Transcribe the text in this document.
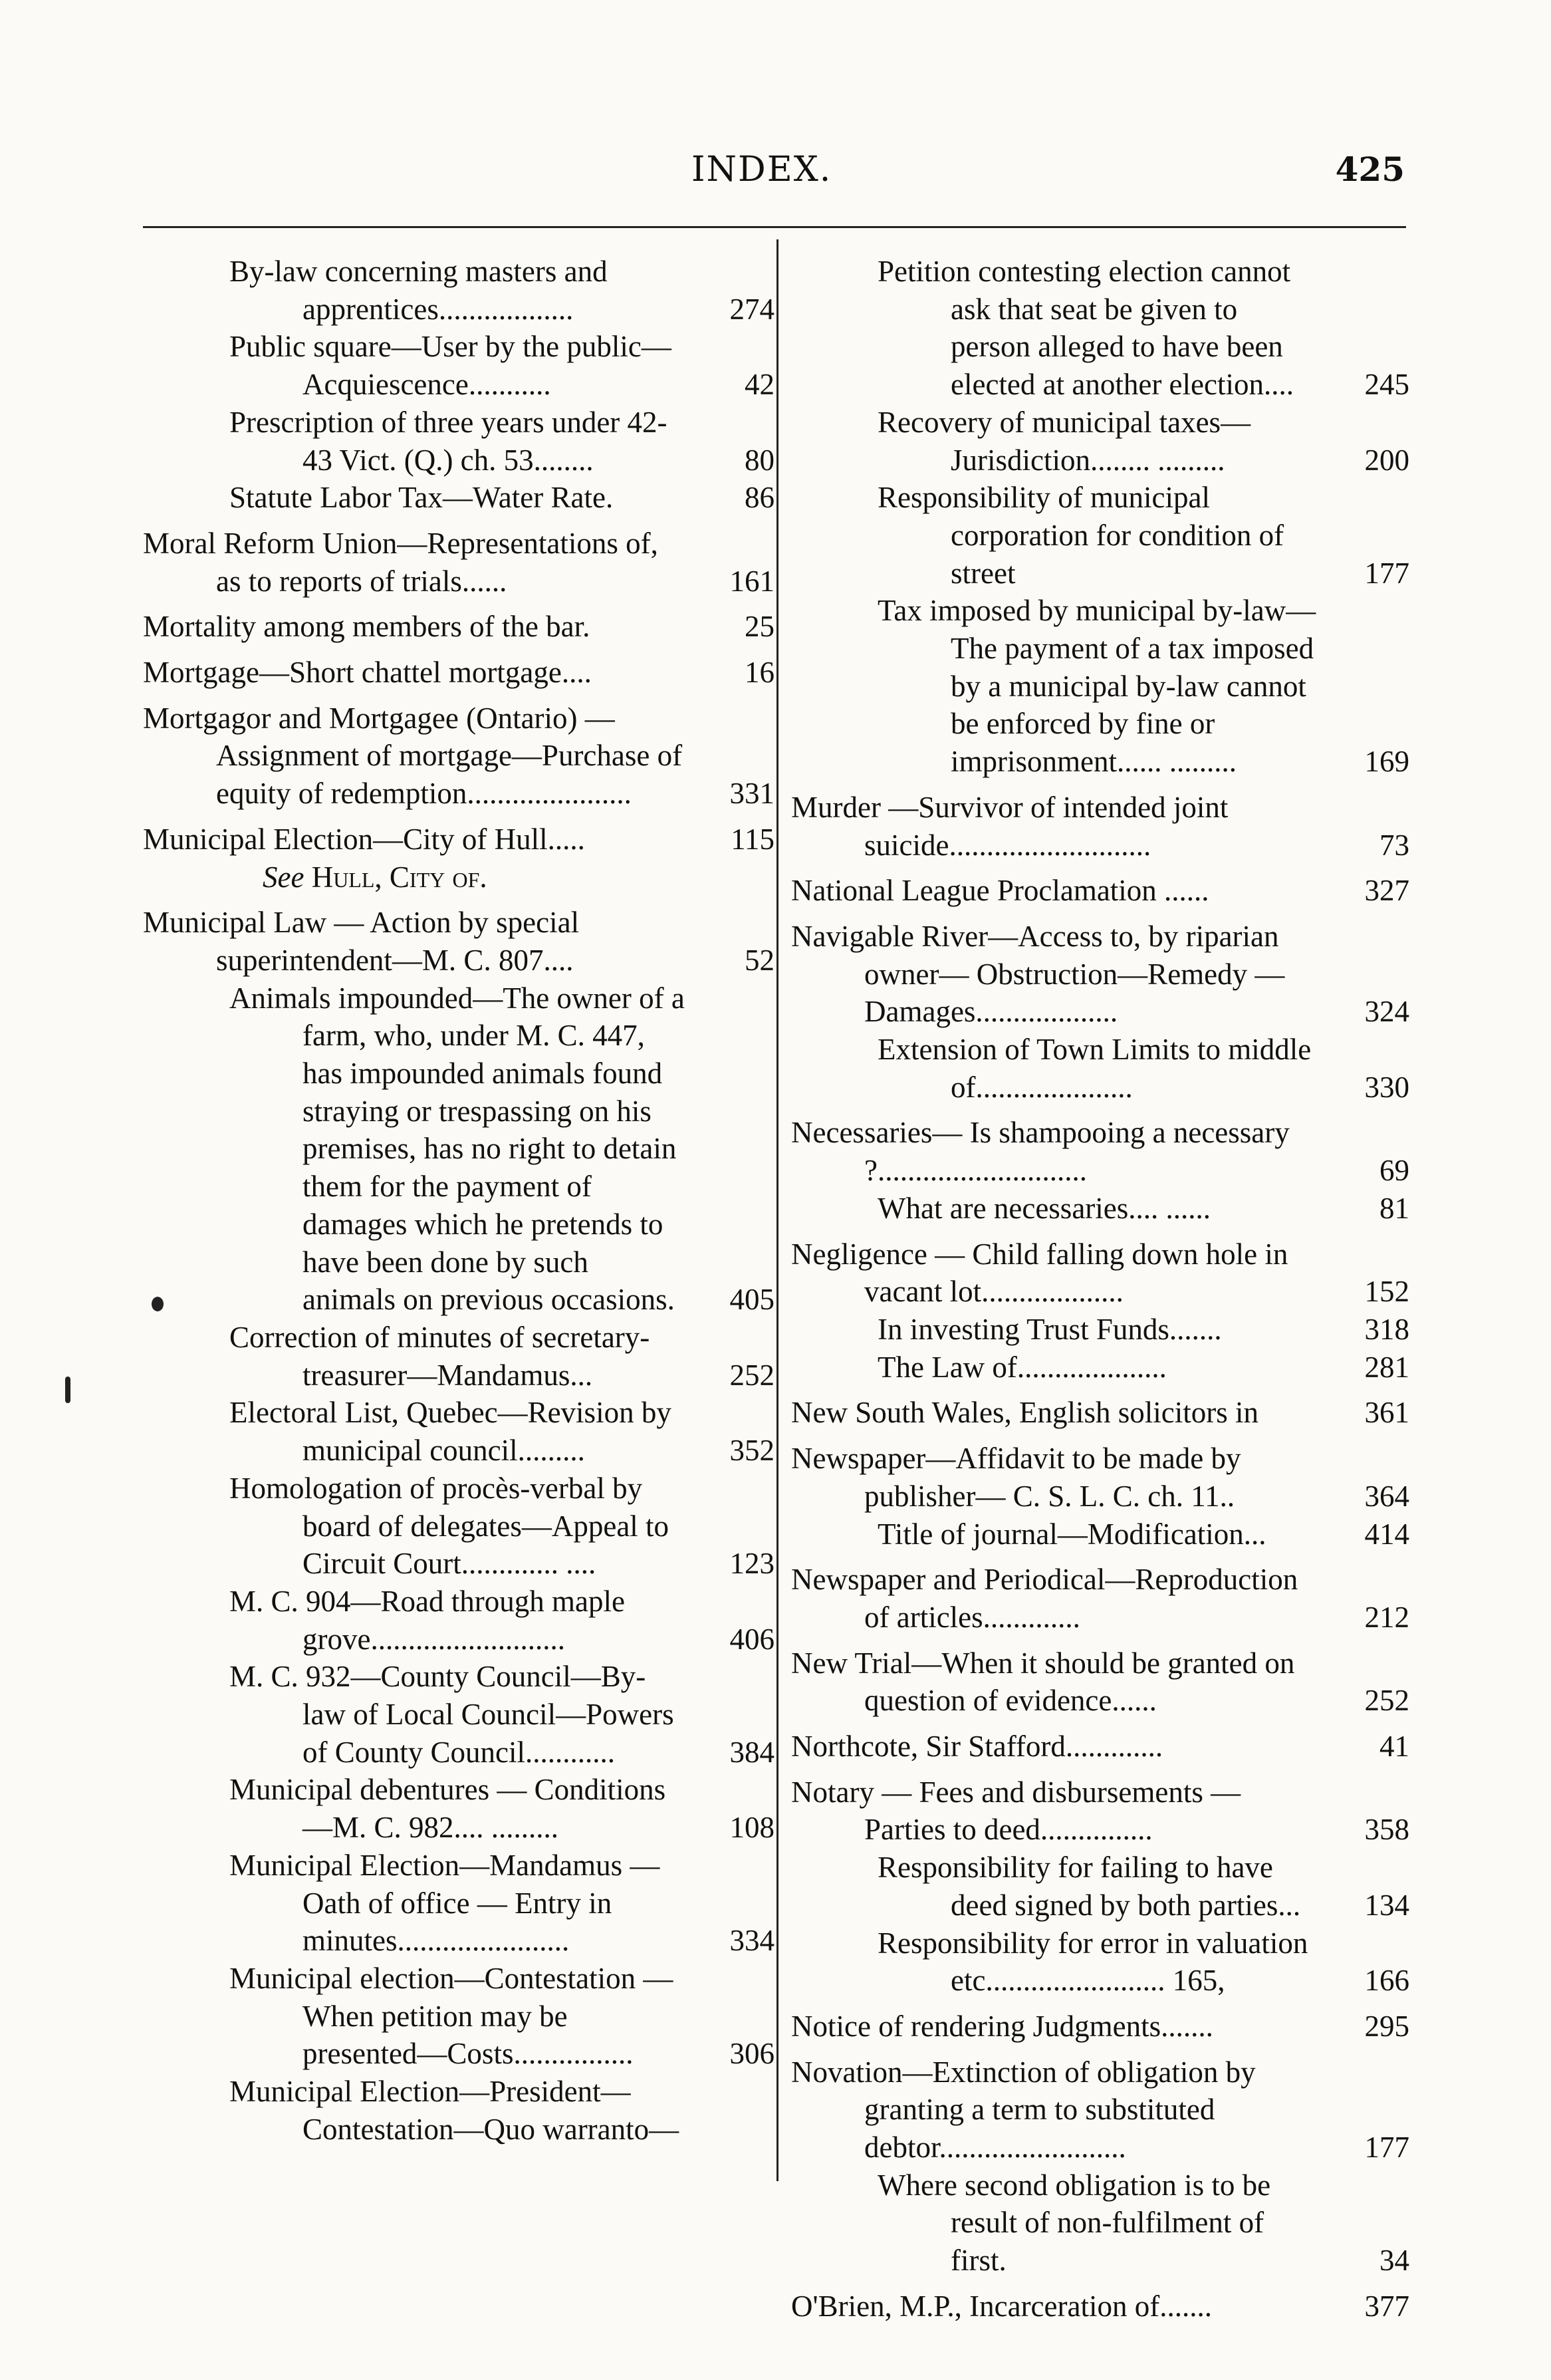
INDEX.	425
By-law concerning masters and apprentices..................	274
Public square—User by the public—Acquiescence...........	42
Prescription of three years under 42-43 Vict. (Q.) ch. 53........	80
Statute Labor Tax—Water Rate.	86
Moral Reform Union—Representations of, as to reports of trials......	161
Mortality among members of the bar.	25
Mortgage—Short chattel mortgage....	16
Mortgagor and Mortgagee (Ontario) — Assignment of mortgage—Purchase of equity of redemption......................	331
Municipal Election—City of Hull.....	115
See Hull, City of.
Municipal Law — Action by special superintendent—M. C. 807....	52
Animals impounded—The owner of a farm, who, under M. C. 447, has impounded animals found straying or trespassing on his premises, has no right to detain them for the payment of damages which he pretends to have been done by such animals on previous occasions.	405
Correction of minutes of secretary-treasurer—Mandamus...	252
Electoral List, Quebec—Revision by municipal council.........	352
Homologation of procès-verbal by board of delegates—Appeal to Circuit Court............. ....	123
M. C. 904—Road through maple grove..........................	406
M. C. 932—County Council—By-law of Local Council—Powers of County Council............	384
Municipal debentures — Conditions—M. C. 982.... .........	108
Municipal Election—Mandamus — Oath of office — Entry in minutes.......................	334
Municipal election—Contestation —When petition may be presented—Costs................	306
Municipal Election—President—Contestation—Quo warranto—
Petition contesting election cannot ask that seat be given to person alleged to have been elected at another election....	245
Recovery of municipal taxes—Jurisdiction........ .........	200
Responsibility of municipal corporation for condition of street	177
Tax imposed by municipal by-law—The payment of a tax imposed by a municipal by-law cannot be enforced by fine or imprisonment...... .........	169
Murder —Survivor of intended joint suicide...........................	73
National League Proclamation ......	327
Navigable River—Access to, by riparian owner— Obstruction—Remedy —Damages...................	324
Extension of Town Limits to middle of.....................	330
Necessaries— Is shampooing a necessary ?............................	69
What are necessaries.... ......	81
Negligence — Child falling down hole in vacant lot...................	152
In investing Trust Funds.......	318
The Law of....................	281
New South Wales, English solicitors in	361
Newspaper—Affidavit to be made by publisher— C. S. L. C. ch. 11..	364
Title of journal—Modification...	414
Newspaper and Periodical—Reproduction of articles.............	212
New Trial—When it should be granted on question of evidence......	252
Northcote, Sir Stafford.............	41
Notary — Fees and disbursements — Parties to deed...............	358
Responsibility for failing to have deed signed by both parties...	134
Responsibility for error in valuation etc........................ 165,	166
Notice of rendering Judgments.......	295
Novation—Extinction of obligation by granting a term to substituted debtor.........................	177
Where second obligation is to be result of non-fulfilment of first.	34
O'Brien, M.P., Incarceration of.......	377
